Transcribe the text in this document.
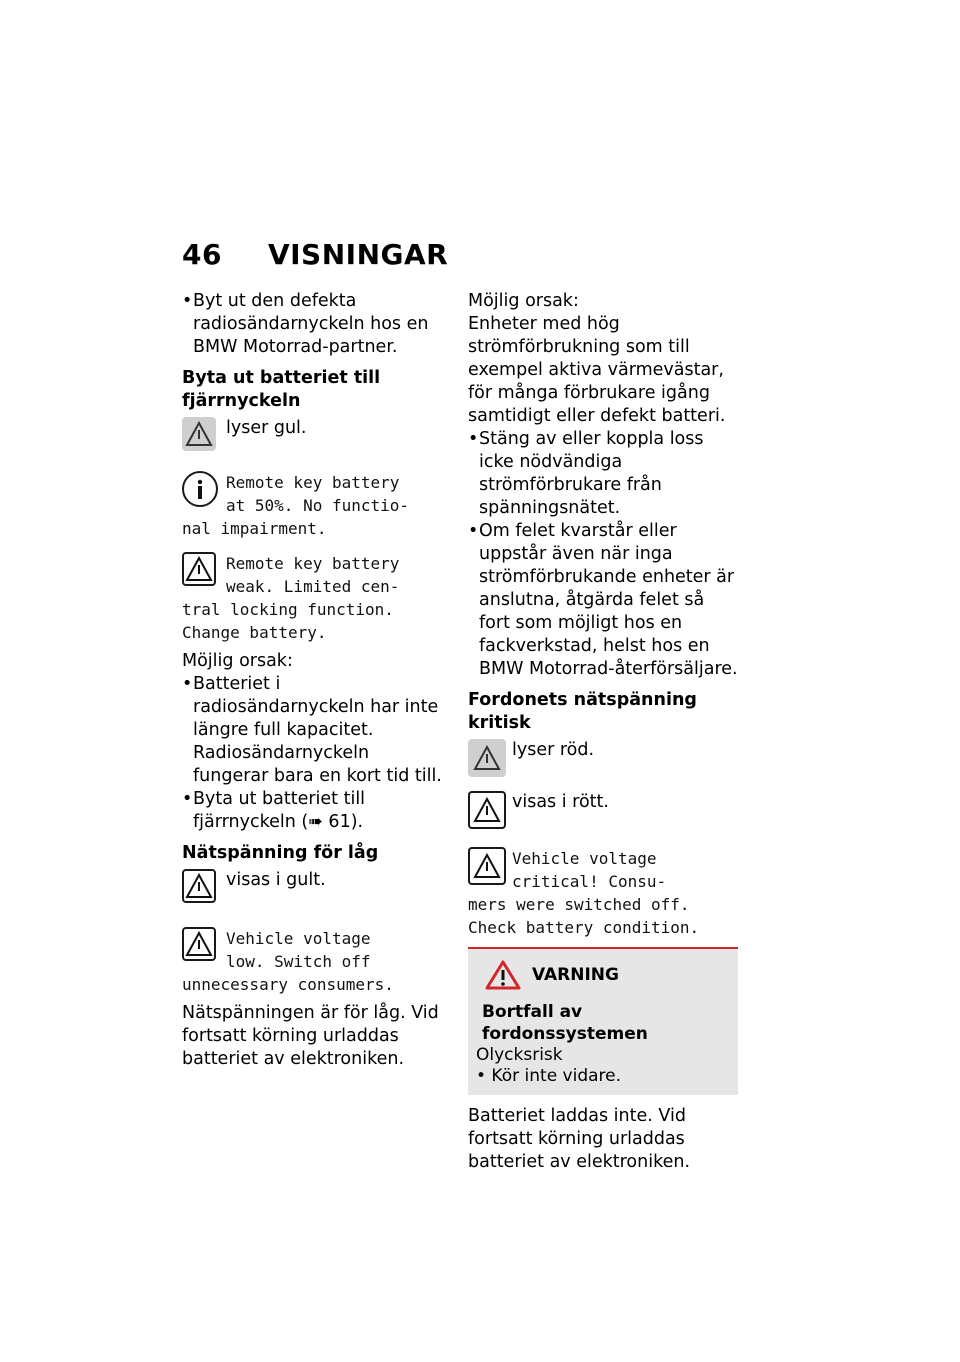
46 VISNINGAR

• Byt ut den defekta radiosändarnyckeln hos en BMW Motorrad-partner.

Byta ut batteriet till fjärrnyckeln

lyser gul.

Remote key battery

at 50%. No functio-

nal impairment.

Remote key battery

weak. Limited cen-

tral locking function.

Change battery.

Möjlig orsak:

• Batteriet i radiosändarnyckeln har inte längre full kapacitet. Radiosändarnyckeln fungerar bara en kort tid till.

• Byta ut batteriet till fjärrnyckeln (➠ 61).

Nätspänning för låg

visas i gult.

Vehicle voltage

low. Switch off

unnecessary consumers.

Nätspänningen är för låg. Vid fortsatt körning urladdas batteriet av elektroniken.

Möjlig orsak:

Enheter med hög strömförbrukning som till exempel aktiva värmevästar, för många förbrukare igång samtidigt eller defekt batteri.

• Stäng av eller koppla loss icke nödvändiga strömförbrukare från spänningsnätet.

• Om felet kvarstår eller uppstår även när inga strömförbrukande enheter är anslutna, åtgärda felet så fort som möjligt hos en fackverkstad, helst hos en BMW Motorrad-återförsäljare.

Fordonets nätspänning kritisk

lyser röd.

visas i rött.

Vehicle voltage

critical! Consu-

mers were switched off.

Check battery condition.

VARNING

Bortfall av fordonssystemen

Olycksrisk

• Kör inte vidare.

Batteriet laddas inte. Vid fortsatt körning urladdas batteriet av elektroniken.
